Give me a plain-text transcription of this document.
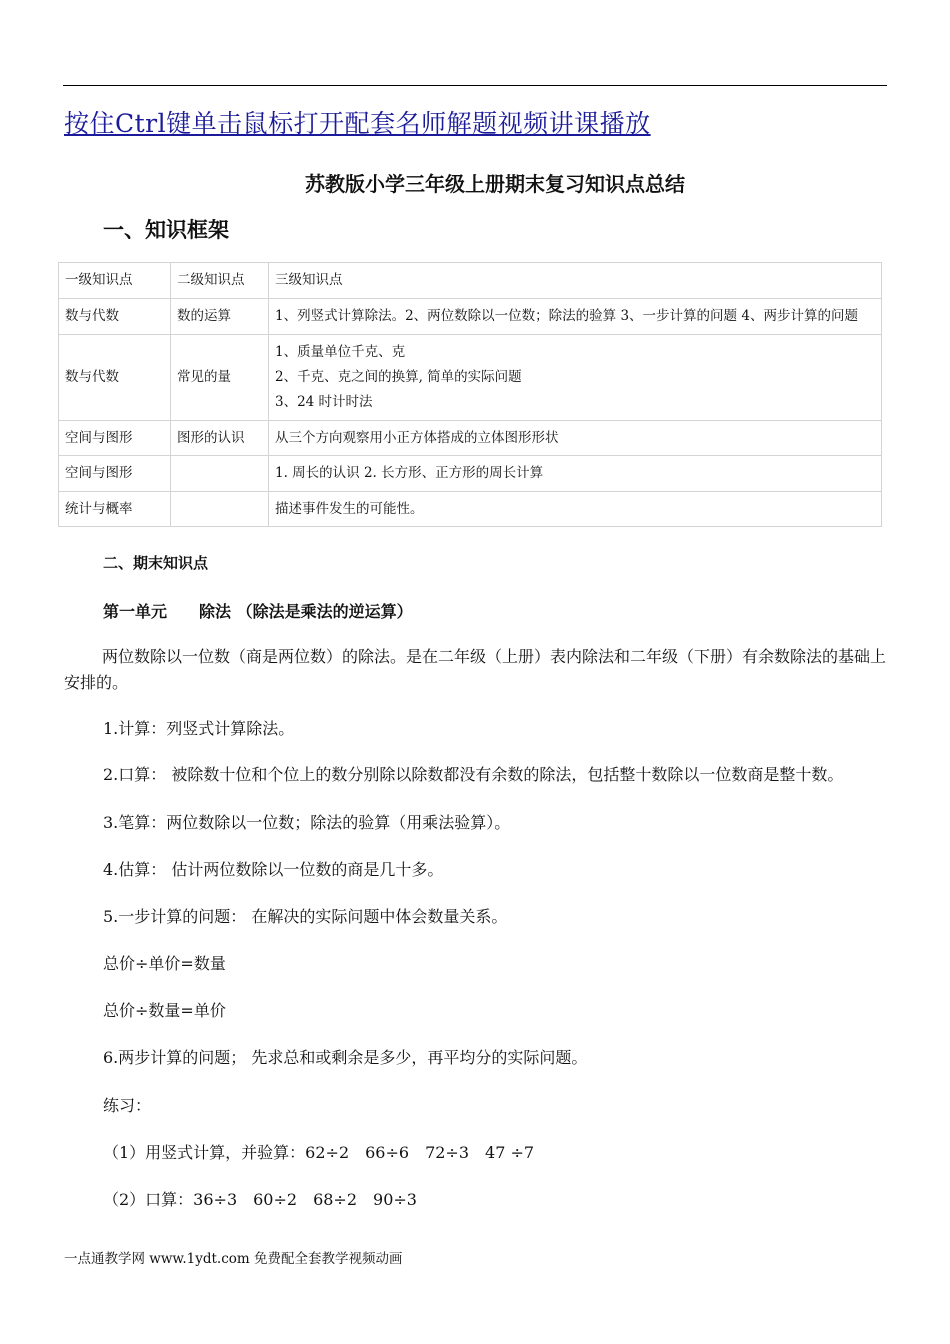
按住Ctrl键单击鼠标打开配套名师解题视频讲课播放
苏教版小学三年级上册期末复习知识点总结
一、知识框架
一级知识点	二级知识点	三级知识点
数与代数	数的运算	1、列竖式计算除法。2、两位数除以一位数；除法的验算 3、一步计算的问题 4、两步计算的问题
数与代数	常见的量	1、质量单位千克、克
2、千克、克之间的换算, 简单的实际问题
3、24 时计时法

空间与图形	图形的认识	从三个方向观察用小正方体搭成的立体图形形状
空间与图形		1. 周长的认识 2. 长方形、正方形的周长计算
统计与概率		描述事件发生的可能性。
二、期末知识点
第一单元　　除法 （除法是乘法的逆运算）
两位数除以一位数（商是两位数）的除法。是在二年级（上册）表内除法和二年级（下册）有余数除法的基础上安排的。
1.计算：列竖式计算除法。
2.口算： 被除数十位和个位上的数分别除以除数都没有余数的除法，包括整十数除以一位数商是整十数。
3.笔算：两位数除以一位数；除法的验算（用乘法验算）。
4.估算： 估计两位数除以一位数的商是几十多。
5.一步计算的问题： 在解决的实际问题中体会数量关系。
总价÷单价=数量
总价÷数量=单价
6.两步计算的问题； 先求总和或剩余是多少，再平均分的实际问题。
练习：
（1）用竖式计算，并验算：62÷2　66÷6　72÷3　47 ÷7
（2）口算：36÷3　60÷2　68÷2　90÷3
一点通教学网 www.1ydt.com 免费配全套教学视频动画
